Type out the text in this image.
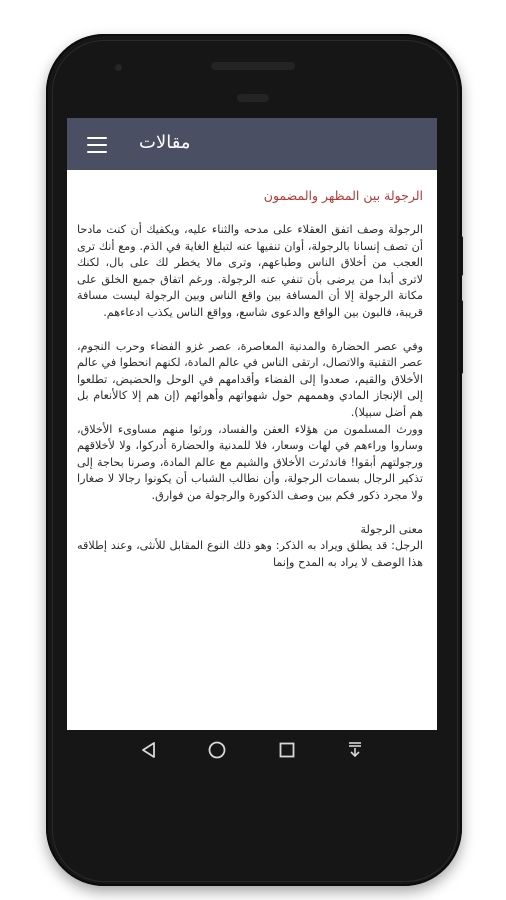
مقالات
الرجولة بين المظهر والمضمون

الرجولة وصف اتفق العقلاء على مدحه والثناء عليه، ويكفيك أن كنت مادحا أن تصف إنسانا بالرجولة، أوان تنفيها عنه لتبلغ الغاية في الذم. ومع أنك ترى العجب من أخلاق الناس وطباعهم، وترى مالا يخطر لك على بال، لكنك لاترى أبدا من يرضى بأن تنفي عنه الرجولة. ورغم اتفاق جميع الخلق على مكانة الرجولة إلا أن المسافة بين واقع الناس وبين الرجولة ليست مسافة قريبة، فالبون بين الواقع والدعوى شاسع، وواقع الناس يكذب ادعاءهم.

وفي عصر الحضارة والمدنية المعاصرة، عصر غزو الفضاء وحرب النجوم، عصر التقنية والاتصال، ارتقى الناس في عالم المادة، لكنهم انحطوا في عالم الأخلاق والقيم، صعدوا إلى الفضاء وأقدامهم في الوحل والحضيض، تطلعوا إلى الإنجاز المادي وهممهم حول شهواتهم وأهوائهم (إن هم إلا كالأنعام بل هم أضل سبيلا).

وورث المسلمون من هؤلاء العفن والفساد، ورثوا منهم مساوىء الأخلاق، وساروا وراءهم في لهات وسعار، فلا للمدنية والحضارة أدركوا، ولا لأخلاقهم ورجولتهم أبقوا! فاندثرت الأخلاق والشيم مع عالم المادة، وصرنا بحاجة إلى تذكير الرجال بسمات الرجولة، وأن نطالب الشباب أن يكونوا رجالا لا صغارا ولا مجرد ذكور فكم بين وصف الذكورة والرجولة من فوارق.

معنى الرجولة

الرجل: قد يطلق ويراد به الذكر: وهو ذلك النوع المقابل للأنثى، وعند إطلاقه هذا الوصف لا يراد به المدح وإنما
